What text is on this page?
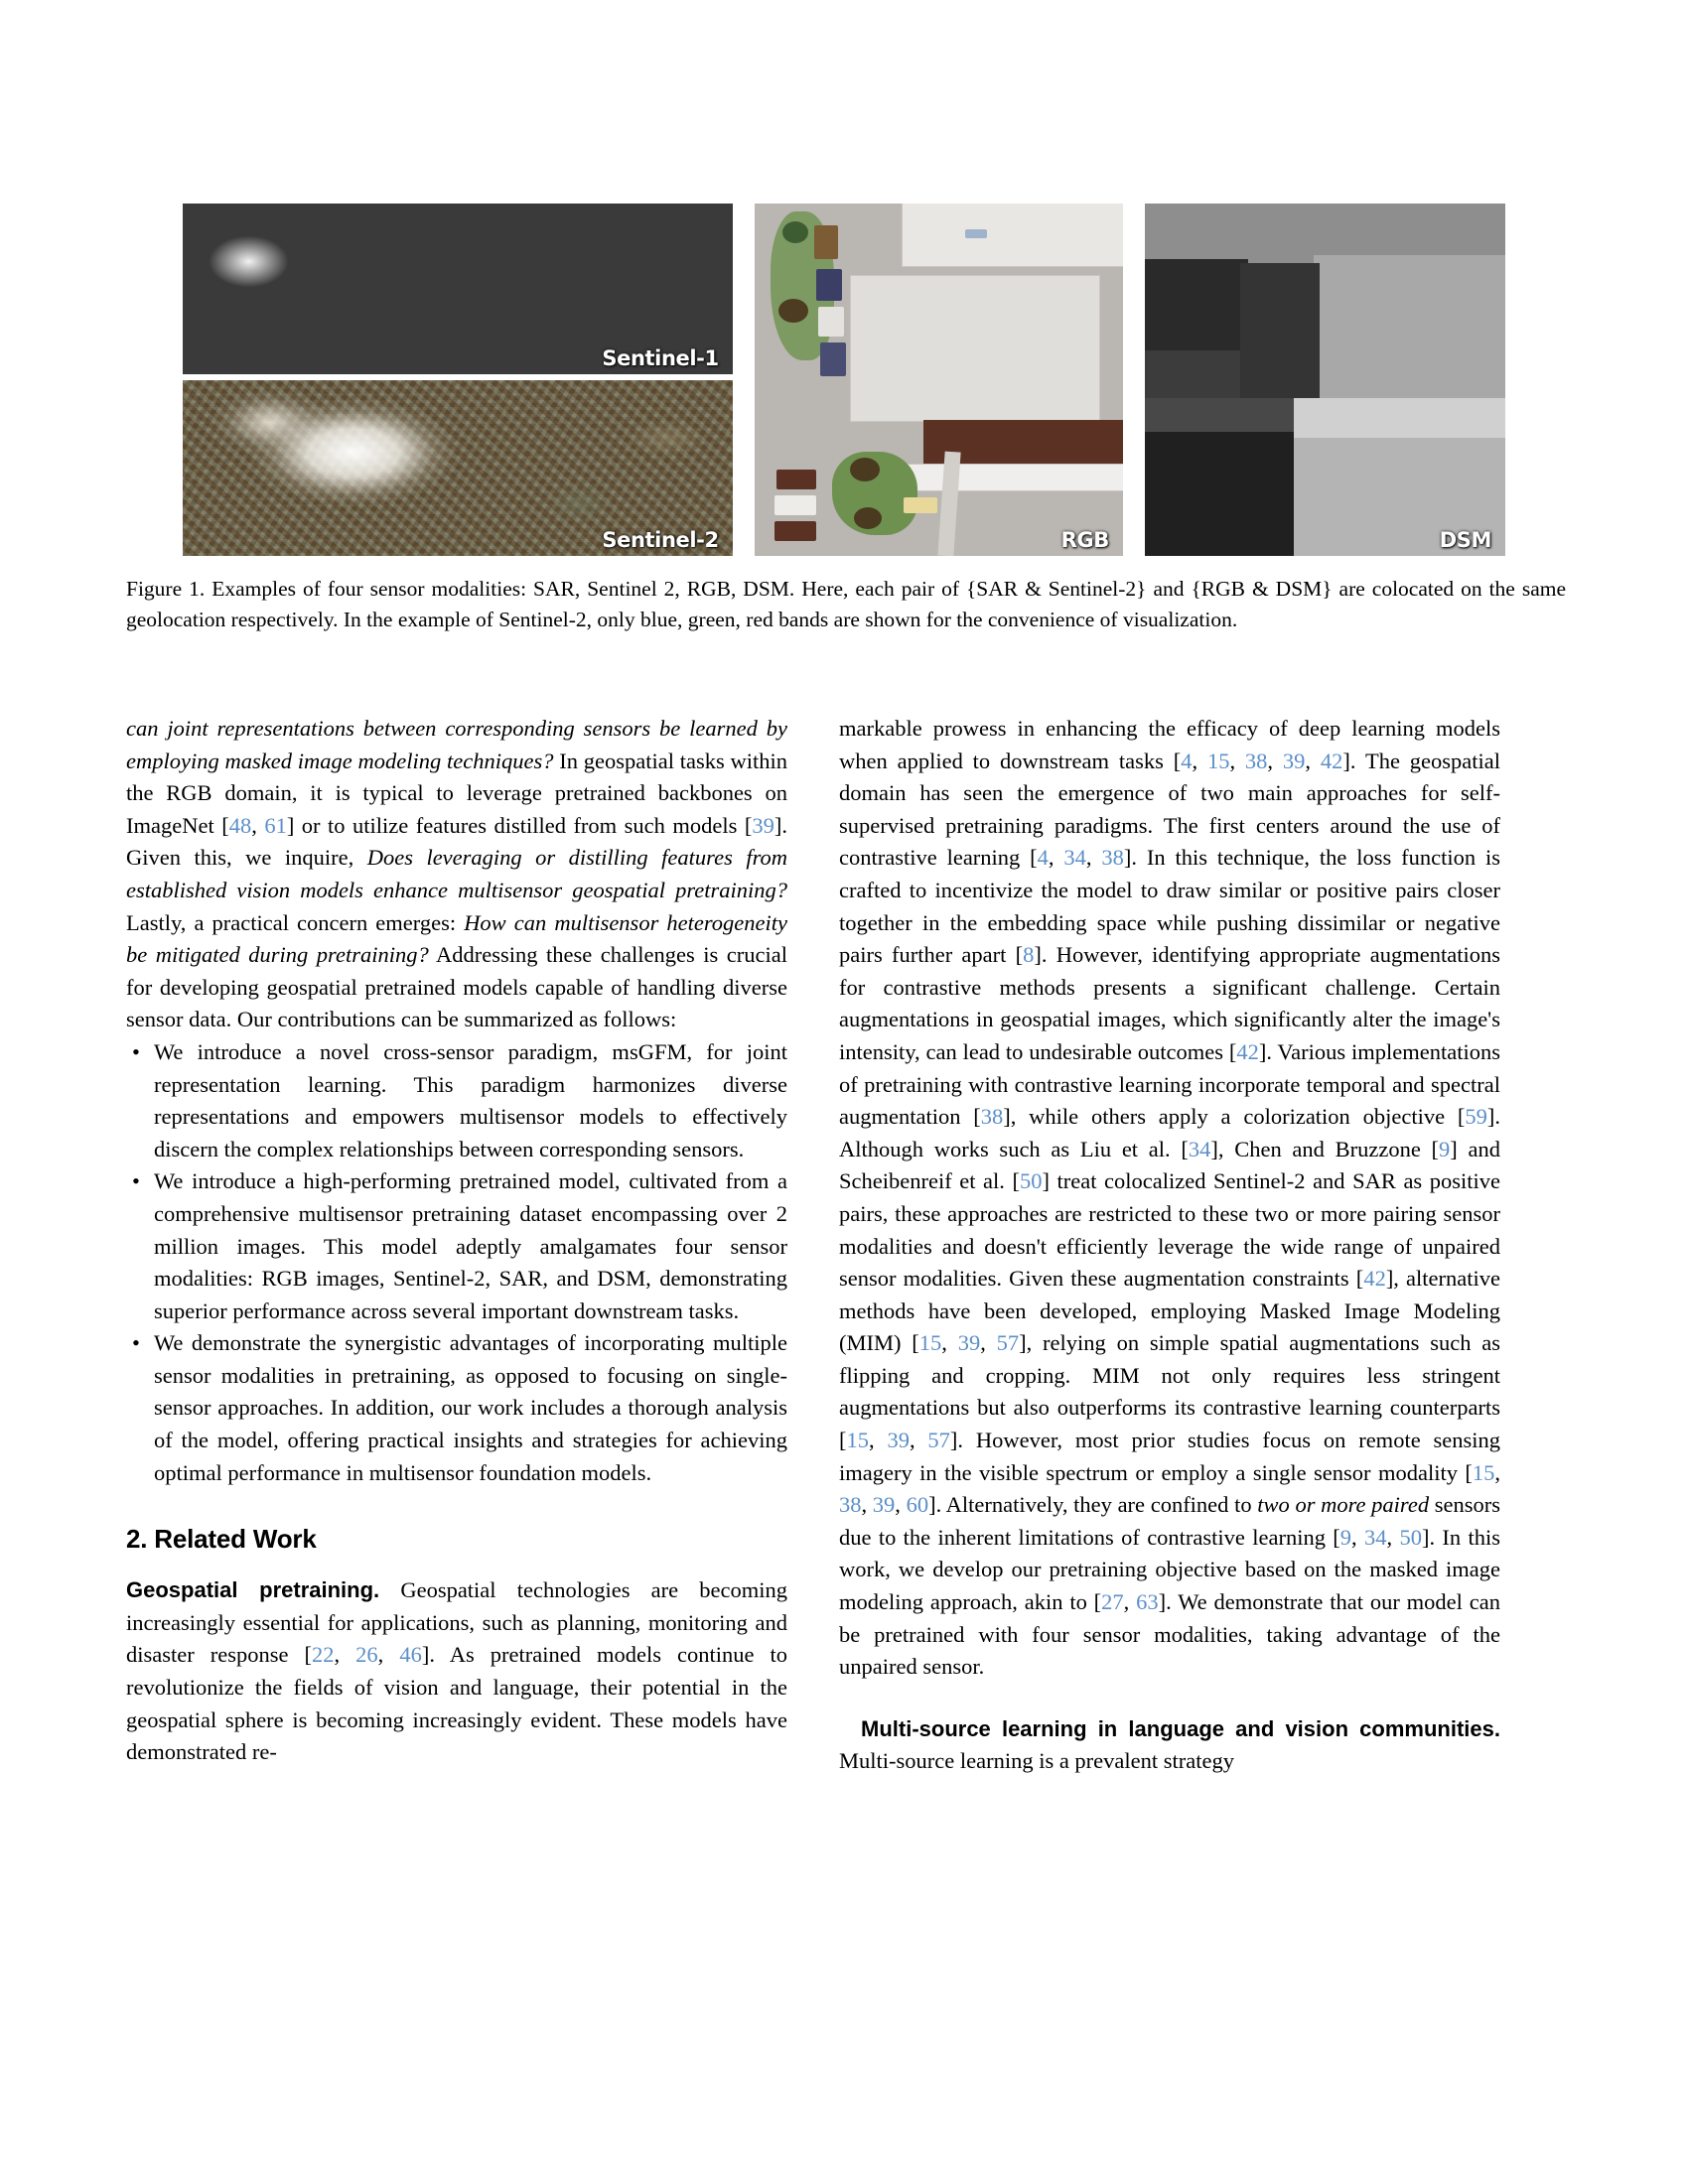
Sentinel-1
Sentinel-2	RGB	DSM
Figure 1. Examples of four sensor modalities: SAR, Sentinel 2, RGB, DSM. Here, each pair of {SAR & Sentinel-2} and {RGB & DSM} are colocated on the same geolocation respectively. In the example of Sentinel-2, only blue, green, red bands are shown for the convenience of visualization.

can joint representations between corresponding sensors be learned by employing masked image modeling techniques? In geospatial tasks within the RGB domain, it is typical to leverage pretrained backbones on ImageNet [48, 61] or to utilize features distilled from such models [39]. Given this, we inquire, Does leveraging or distilling features from established vision models enhance multisensor geospatial pretraining? Lastly, a practical concern emerges: How can multisensor heterogeneity be mitigated during pretraining? Addressing these challenges is crucial for developing geospatial pretrained models capable of handling diverse sensor data. Our contributions can be summarized as follows:

• We introduce a novel cross-sensor paradigm, msGFM, for joint representation learning. This paradigm harmonizes diverse representations and empowers multisensor models to effectively discern the complex relationships between corresponding sensors.
• We introduce a high-performing pretrained model, cultivated from a comprehensive multisensor pretraining dataset encompassing over 2 million images. This model adeptly amalgamates four sensor modalities: RGB images, Sentinel-2, SAR, and DSM, demonstrating superior performance across several important downstream tasks.
• We demonstrate the synergistic advantages of incorporating multiple sensor modalities in pretraining, as opposed to focusing on single-sensor approaches. In addition, our work includes a thorough analysis of the model, offering practical insights and strategies for achieving optimal performance in multisensor foundation models.
2. Related Work

Geospatial pretraining. Geospatial technologies are becoming increasingly essential for applications, such as planning, monitoring and disaster response [22, 26, 46]. As pretrained models continue to revolutionize the fields of vision and language, their potential in the geospatial sphere is becoming increasingly evident. These models have demonstrated re-

markable prowess in enhancing the efficacy of deep learning models when applied to downstream tasks [4, 15, 38, 39, 42]. The geospatial domain has seen the emergence of two main approaches for self-supervised pretraining paradigms. The first centers around the use of contrastive learning [4, 34, 38]. In this technique, the loss function is crafted to incentivize the model to draw similar or positive pairs closer together in the embedding space while pushing dissimilar or negative pairs further apart [8]. However, identifying appropriate augmentations for contrastive methods presents a significant challenge. Certain augmentations in geospatial images, which significantly alter the image's intensity, can lead to undesirable outcomes [42]. Various implementations of pretraining with contrastive learning incorporate temporal and spectral augmentation [38], while others apply a colorization objective [59]. Although works such as Liu et al. [34], Chen and Bruzzone [9] and Scheibenreif et al. [50] treat colocalized Sentinel-2 and SAR as positive pairs, these approaches are restricted to these two or more pairing sensor modalities and doesn't efficiently leverage the wide range of unpaired sensor modalities. Given these augmentation constraints [42], alternative methods have been developed, employing Masked Image Modeling (MIM) [15, 39, 57], relying on simple spatial augmentations such as flipping and cropping. MIM not only requires less stringent augmentations but also outperforms its contrastive learning counterparts [15, 39, 57]. However, most prior studies focus on remote sensing imagery in the visible spectrum or employ a single sensor modality [15, 38, 39, 60]. Alternatively, they are confined to two or more paired sensors due to the inherent limitations of contrastive learning [9, 34, 50]. In this work, we develop our pretraining objective based on the masked image modeling approach, akin to [27, 63]. We demonstrate that our model can be pretrained with four sensor modalities, taking advantage of the unpaired sensor.

Multi-source learning in language and vision communities. Multi-source learning is a prevalent strategy
